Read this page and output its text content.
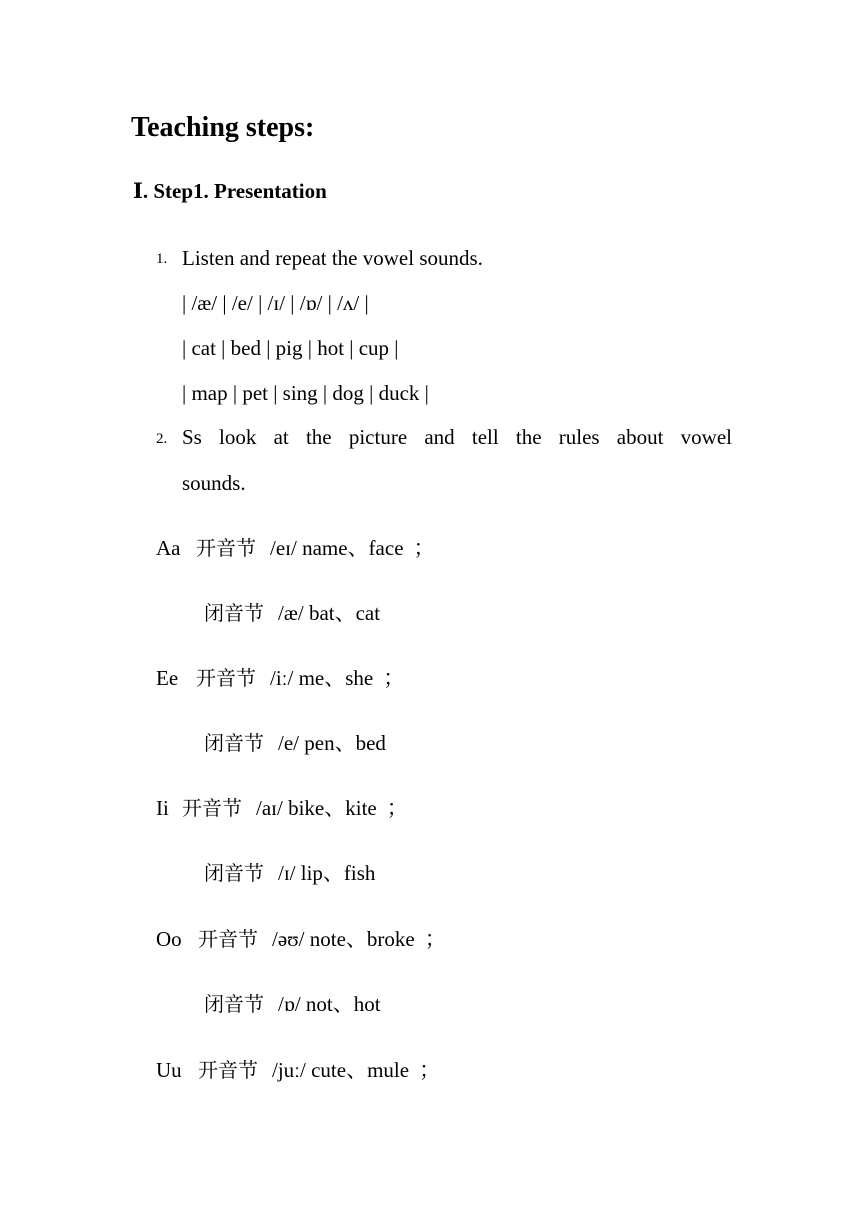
Teaching steps:
Ⅰ. Step1. Presentation
1. Listen and repeat the vowel sounds.
| /æ/ | /e/ | /ɪ/ | /ɒ/ | /ʌ/ |
| cat | bed | pig | hot | cup |
| map | pet | sing | dog | duck |
2. Ss look at the picture and tell the rules about vowel
sounds.
Aa 开音节 /eɪ/ name、face ；
闭音节 /æ/ bat、cat
Ee 开音节 /iː/ me、she ；
闭音节 /e/ pen、bed
Ii 开音节 /aɪ/ bike、kite ；
闭音节 /ɪ/ lip、fish
Oo 开音节 /əʊ/ note、broke ；
闭音节 /ɒ/ not、hot
Uu 开音节 /juː/ cute、mule ；
